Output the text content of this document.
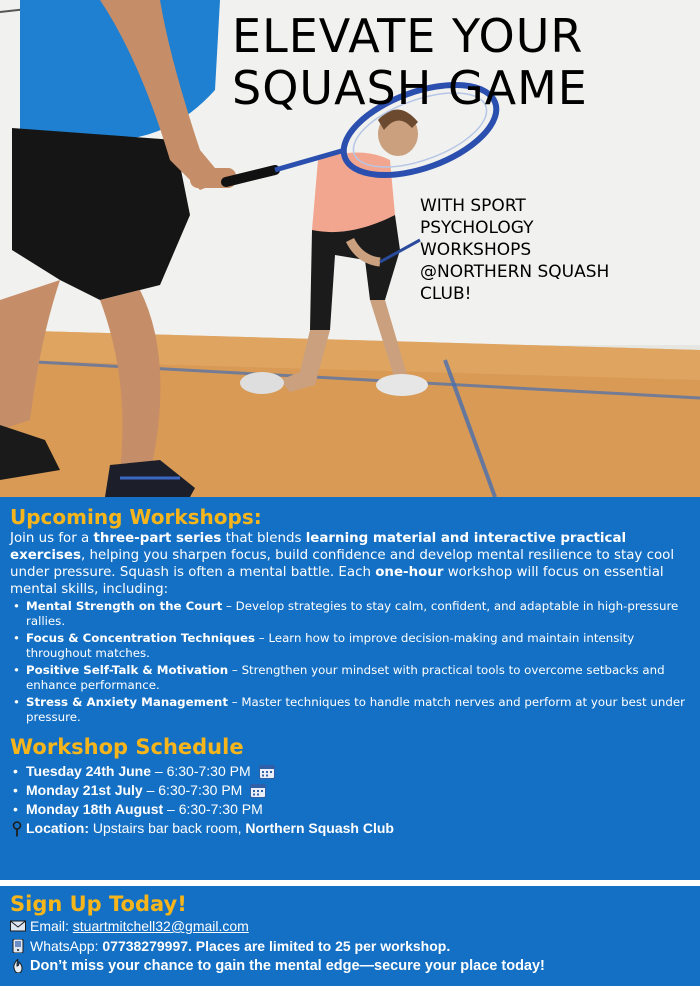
ELEVATE YOUR
SQUASH GAME
WITH SPORT
PSYCHOLOGY
WORKSHOPS
@NORTHERN SQUASH
CLUB!
Upcoming Workshops:

Join us for a three-part series that blends learning material and interactive practical exercises, helping you sharpen focus, build confidence and develop mental resilience to stay cool under pressure. Squash is often a mental battle. Each one-hour workshop will focus on essential mental skills, including:

• Mental Strength on the Court – Develop strategies to stay calm, confident, and adaptable in high-pressure rallies.
• Focus & Concentration Techniques – Learn how to improve decision-making and maintain intensity throughout matches.
• Positive Self-Talk & Motivation – Strengthen your mindset with practical tools to overcome setbacks and enhance performance.
• Stress & Anxiety Management – Master techniques to handle match nerves and perform at your best under pressure.
Workshop Schedule
• Tuesday 24th June – 6:30-7:30 PM
• Monday 21st July – 6:30-7:30 PM
• Monday 18th August – 6:30-7:30 PM
Location: Upstairs bar back room, Northern Squash Club
Sign Up Today!
Email: stuartmitchell32@gmail.com
WhatsApp: 07738279997. Places are limited to 25 per workshop.
Don’t miss your chance to gain the mental edge—secure your place today!
